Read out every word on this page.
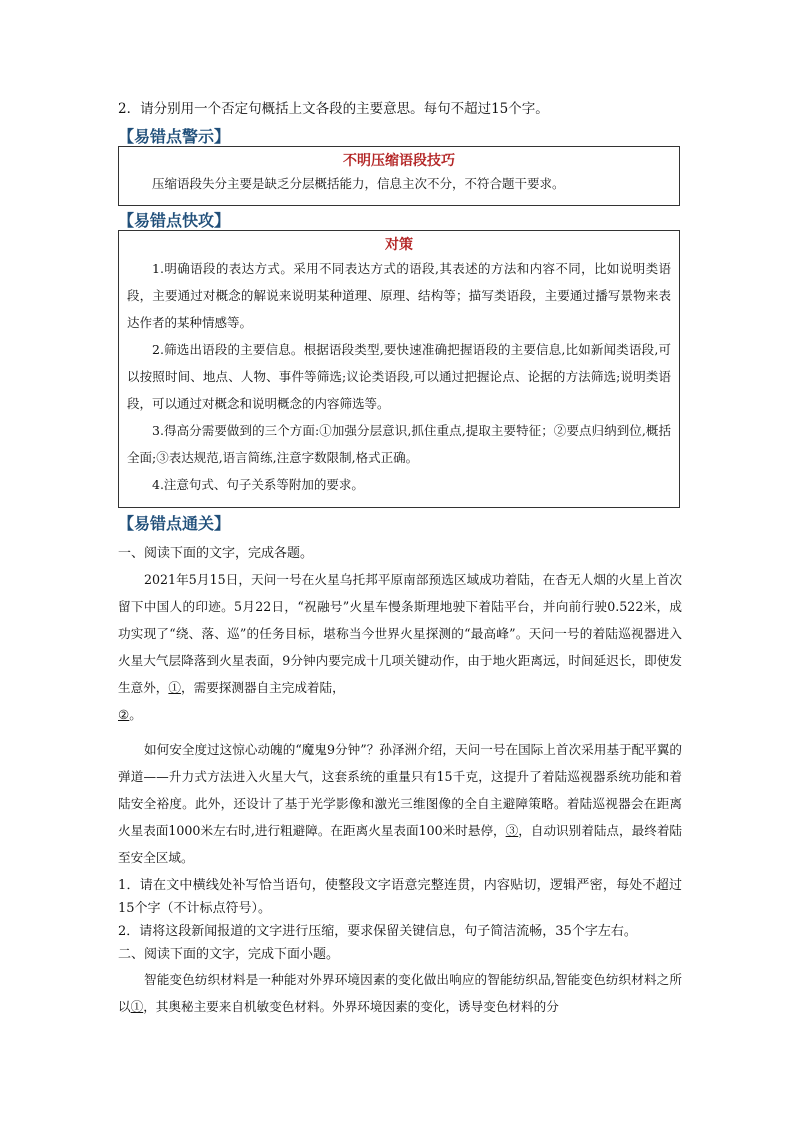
2．请分别用一个否定句概括上文各段的主要意思。每句不超过15个字。
【易错点警示】
不明压缩语段技巧

压缩语段失分主要是缺乏分层概括能力，信息主次不分，不符合题干要求。

【易错点快攻】
对策

1.明确语段的表达方式。采用不同表达方式的语段,其表述的方法和内容不同，比如说明类语段，主要通过对概念的解说来说明某种道理、原理、结构等；描写类语段，主要通过播写景物来表达作者的某种情感等。

2.筛选出语段的主要信息。根据语段类型,要快速准确把握语段的主要信息,比如新闻类语段,可以按照时间、地点、人物、事件等筛选;议论类语段,可以通过把握论点、论据的方法筛选;说明类语段，可以通过对概念和说明概念的内容筛选等。

3.得高分需要做到的三个方面:①加强分层意识,抓住重点,提取主要特征；②要点归纳到位,概括全面;③表达规范,语言简练,注意字数限制,格式正确。

4.注意句式、句子关系等附加的要求。

【易错点通关】

一、阅读下面的文字，完成各题。

2021年5月15日，天问一号在火星乌托邦平原南部预选区域成功着陆，在杳无人烟的火星上首次留下中国人的印迹。5月22日，“祝融号”火星车慢条斯理地驶下着陆平台，并向前行驶0.522米，成功实现了“绕、落、巡”的任务目标，堪称当今世界火星探测的“最高峰”。天问一号的着陆巡视器进入火星大气层降落到火星表面，9分钟内要完成十几项关键动作，由于地火距离远，时间延迟长，即使发生意外，①，需要探测器自主完成着陆，
②。

如何安全度过这惊心动魄的“魔鬼9分钟”？孙泽洲介绍，天问一号在国际上首次采用基于配平翼的弹道——升力式方法进入火星大气，这套系统的重量只有15千克，这提升了着陆巡视器系统功能和着陆安全裕度。此外，还设计了基于光学影像和激光三维图像的全自主避障策略。着陆巡视器会在距离火星表面1000米左右时,进行粗避障。在距离火星表面100米时悬停，③，自动识别着陆点，最终着陆至安全区域。

1．请在文中横线处补写恰当语句，使整段文字语意完整连贯，内容贴切，逻辑严密，每处不超过15个字（不计标点符号）。

2．请将这段新闻报道的文字进行压缩，要求保留关键信息，句子简洁流畅，35个字左右。

二、阅读下面的文字，完成下面小题。

智能变色纺织材料是一种能对外界环境因素的变化做出响应的智能纺织品,智能变色纺织材料之所以①，其奥秘主要来自机敏变色材料。外界环境因素的变化，诱导变色材料的分
